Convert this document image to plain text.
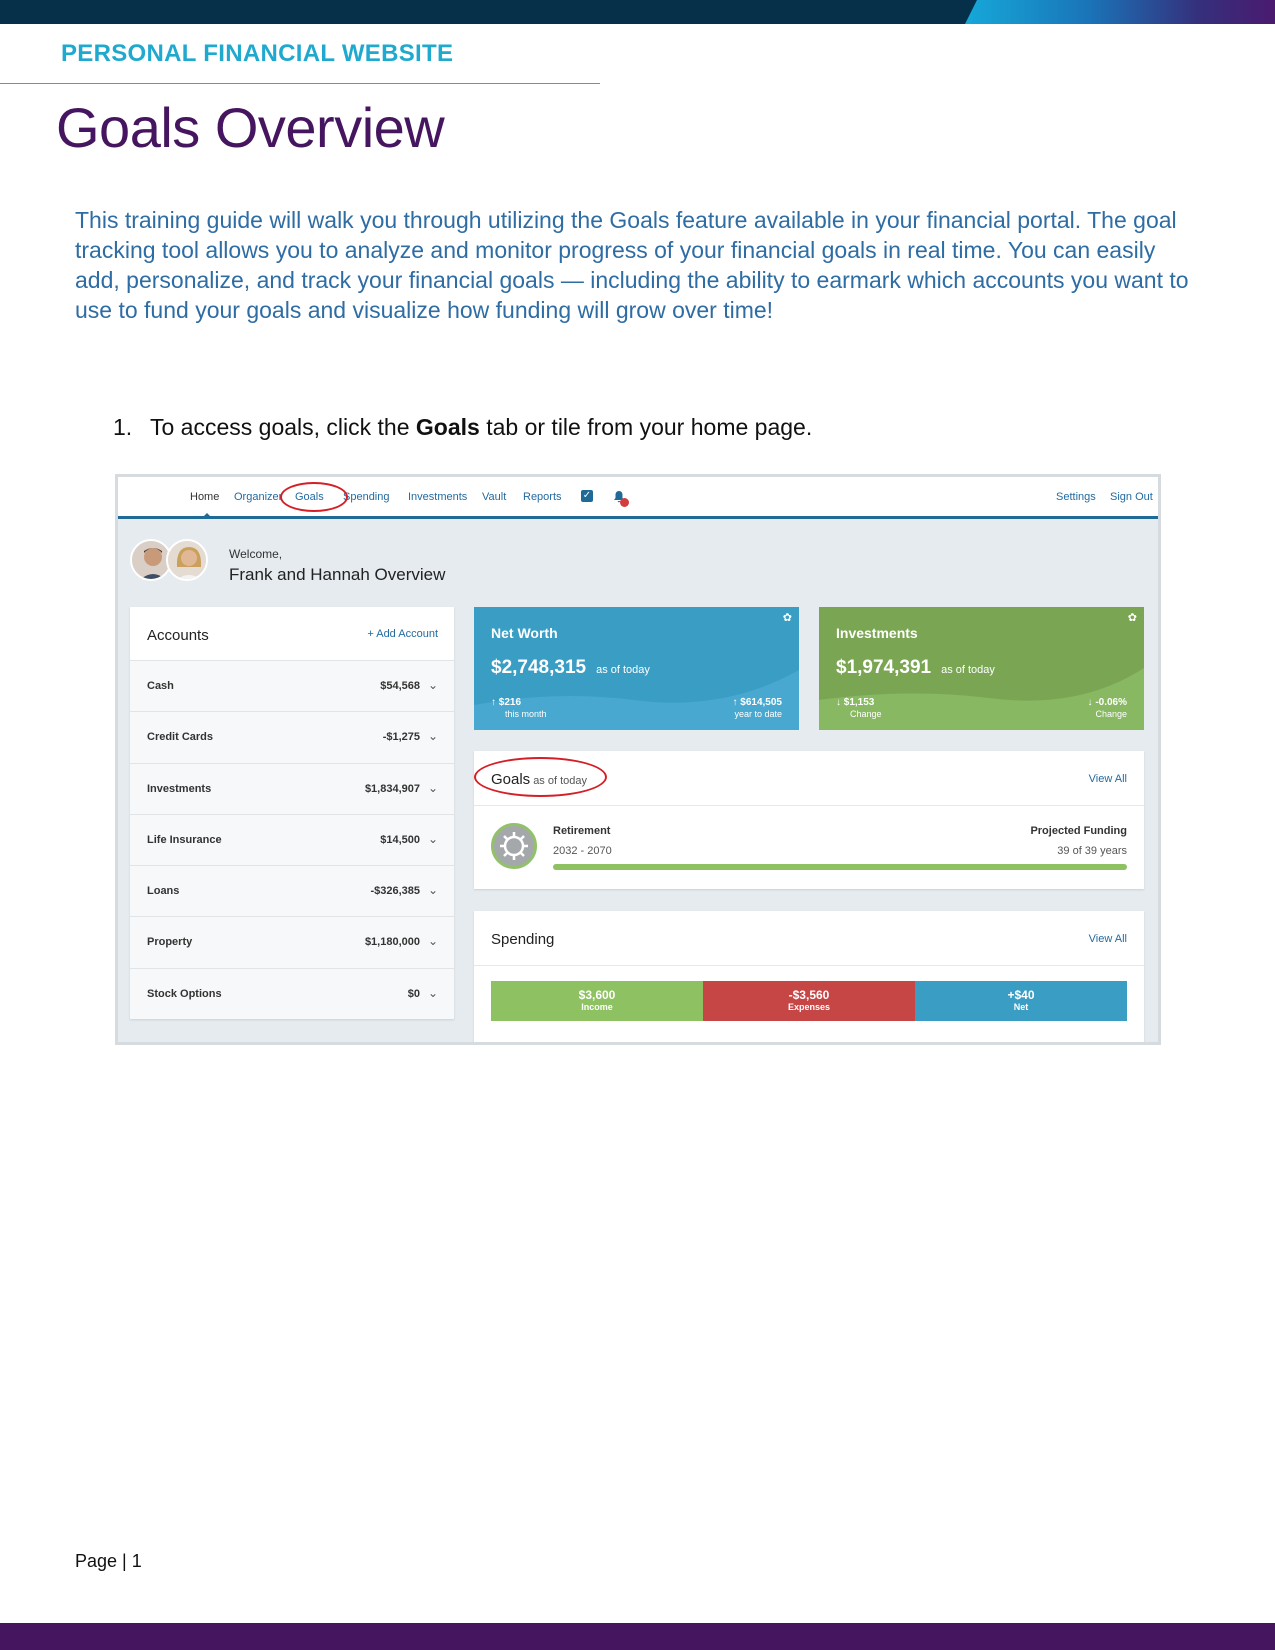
PERSONAL FINANCIAL WEBSITE
Goals Overview

This training guide will walk you through utilizing the Goals feature available in your financial portal. The goal tracking tool allows you to analyze and monitor progress of your financial goals in real time. You can easily add, personalize, and track your financial goals — including the ability to earmark which accounts you want to use to fund your goals and visualize how funding will grow over time!

1. To access goals, click the Goals tab or tile from your home page.
Home Organizer Goals Spending Investments Vault Reports ✓	Settings Sign Out
Welcome,
Frank and Hannah Overview
Accounts	+ Add Account
Cash	$54,568 ⌄
Credit Cards	-$1,275 ⌄
Investments	$1,834,907 ⌄
Life Insurance	$14,500 ⌄
Loans	-$326,385 ⌄
Property	$1,180,000 ⌄
Stock Options	$0 ⌄
✿
Net Worth
$2,748,315 as of today
↑ $216
this month
↑ $614,505
year to date
✿
Investments
$1,974,391 as of today
↓ $1,153
Change
↓ -0.06%
Change
Goals as of today	View All
Retirement
2032 - 2070
Projected Funding
39 of 39 years
Spending	View All
$3,600
Income
-$3,560
Expenses
+$40
Net
Page | 1
